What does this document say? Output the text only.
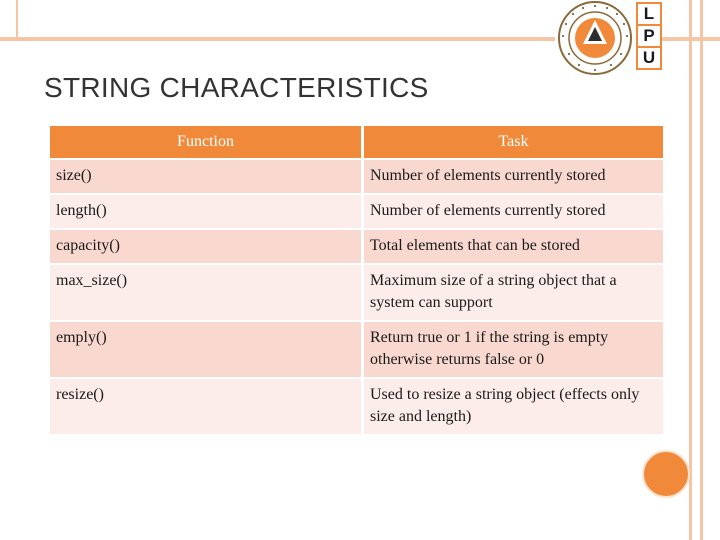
L
P
U
STRING CHARACTERISTICS
Function	Task
size()	Number of elements currently stored
length()	Number of elements currently stored
capacity()	Total elements that can be stored
max_size()	Maximum size of a string object that a system can support
emply()	Return true or 1 if the string is empty otherwise returns false or 0
resize()	Used to resize a string object (effects only size and length)
